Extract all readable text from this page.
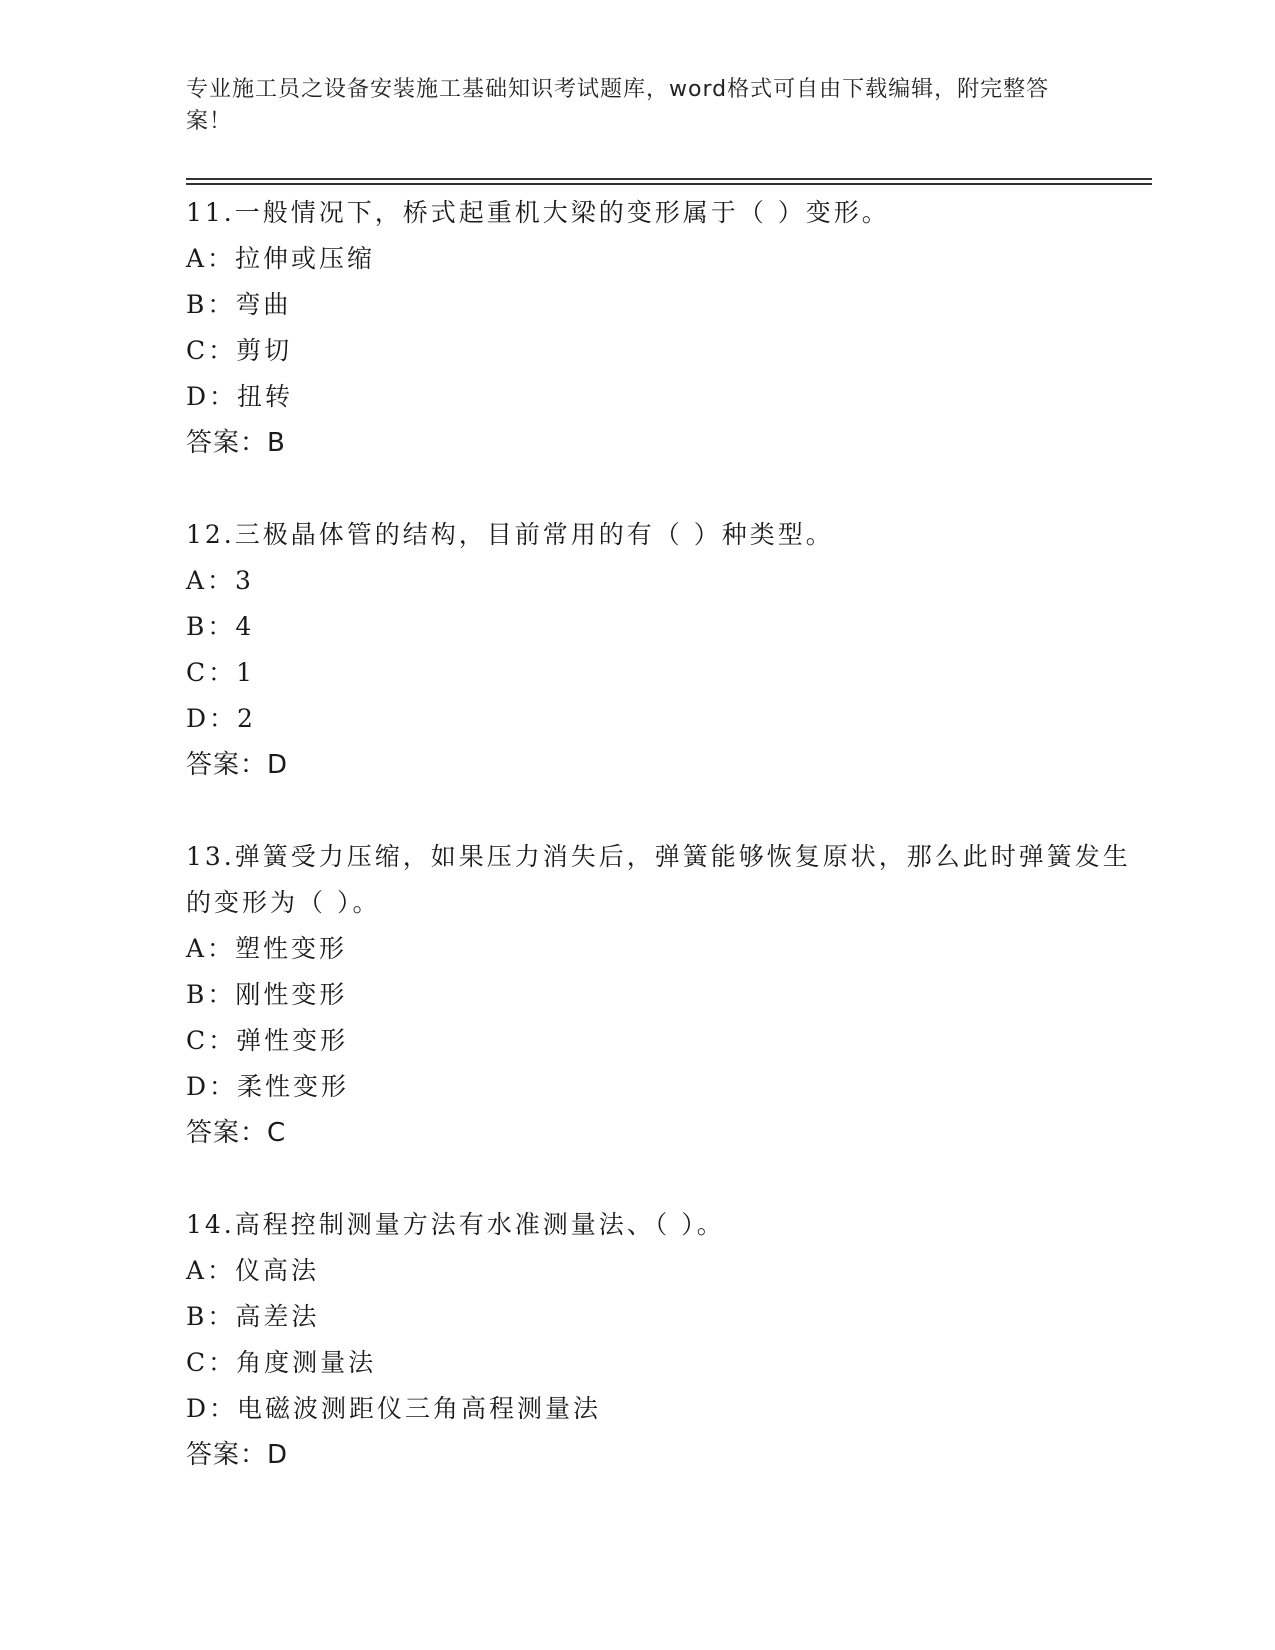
专业施工员之设备安装施工基础知识考试题库，word格式可自由下载编辑，附完整答案！

11.一般情况下，桥式起重机大梁的变形属于（ ）变形。

A：拉伸或压缩

B：弯曲

C：剪切

D：扭转

答案：B

12.三极晶体管的结构，目前常用的有（ ）种类型。

A：3

B：4

C：1

D：2

答案：D

13.弹簧受力压缩，如果压力消失后，弹簧能够恢复原状，那么此时弹簧发生的变形为（ ）。

A：塑性变形

B：刚性变形

C：弹性变形

D：柔性变形

答案：C

14.高程控制测量方法有水准测量法、（ ）。

A：仪高法

B：高差法

C：角度测量法

D：电磁波测距仪三角高程测量法

答案：D
